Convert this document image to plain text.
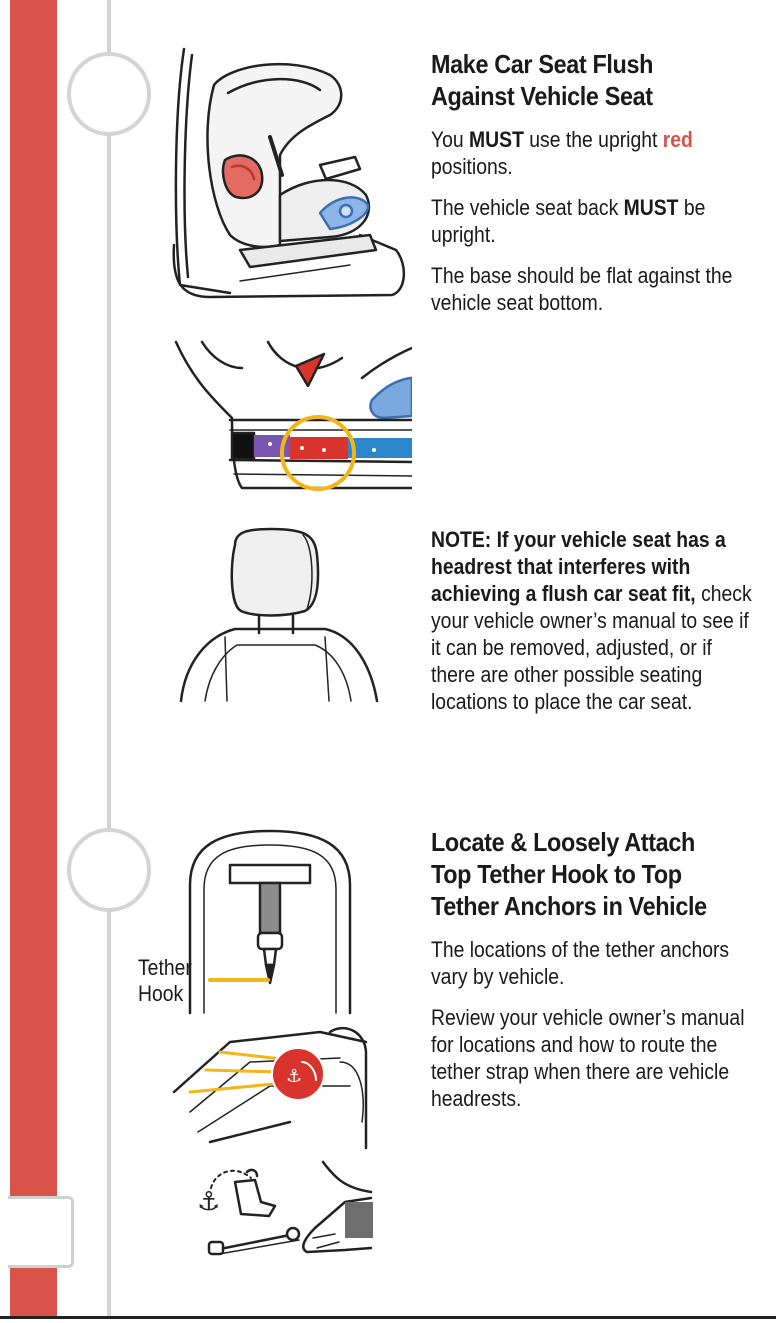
Tether
Hook
⚓
⚓
Make Car Seat Flush
Against Vehicle Seat

You MUST use the upright red positions.

The vehicle seat back MUST be upright.

The base should be flat against the vehicle seat bottom.

NOTE: If your vehicle seat has a headrest that interferes with achieving a flush car seat fit, check your vehicle owner’s manual to see if it can be removed, adjusted, or if there are other possible seating locations to place the car seat.

Locate & Loosely Attach
Top Tether Hook to Top
Tether Anchors in Vehicle

The locations of the tether anchors vary by vehicle.

Review your vehicle owner’s manual for locations and how to route the tether strap when there are vehicle headrests.
